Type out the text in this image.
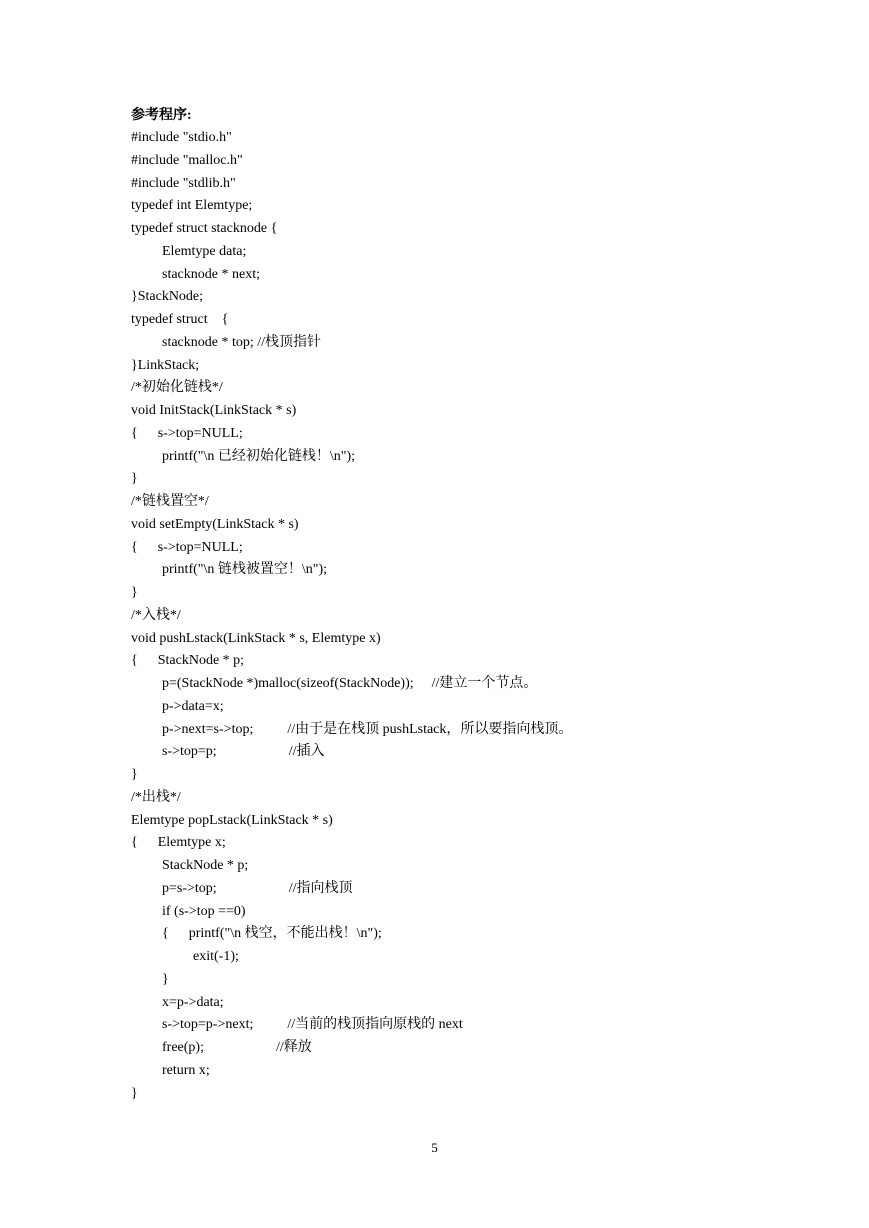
参考程序:
#include "stdio.h"
#include "malloc.h"
#include "stdlib.h"
typedef int Elemtype;
typedef struct stacknode {
Elemtype data;
stacknode * next;
}StackNode;
typedef struct    {
stacknode * top; //栈顶指针
}LinkStack;
/*初始化链栈*/
void InitStack(LinkStack * s)
{ s->top=NULL;
printf("\n 已经初始化链栈！\n");
}
/*链栈置空*/
void setEmpty(LinkStack * s)
{ s->top=NULL;
printf("\n 链栈被置空！\n");
}
/*入栈*/
void pushLstack(LinkStack * s, Elemtype x)
{ StackNode * p;
p=(StackNode *)malloc(sizeof(StackNode)); //建立一个节点。
p->data=x;
p->next=s->top; //由于是在栈顶 pushLstack，所以要指向栈顶。
s->top=p;	//插入
}
/*出栈*/
Elemtype popLstack(LinkStack * s)
{ Elemtype x;
StackNode * p;
p=s->top;	//指向栈顶
if (s->top ==0)
{ printf("\n 栈空，不能出栈！\n");
exit(-1);
}
x=p->data;
s->top=p->next; //当前的栈顶指向原栈的 next
free(p);	//释放
return x;
}
5
